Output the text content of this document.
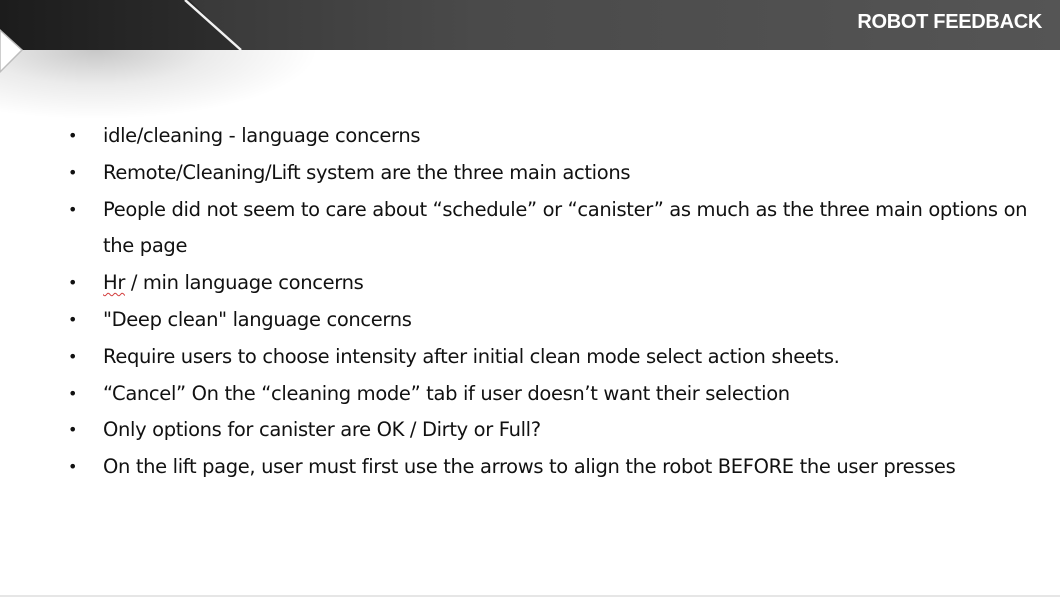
ROBOT FEEDBACK
• idle/cleaning - language concerns
• Remote/Cleaning/Lift system are the three main actions
• People did not seem to care about “schedule” or “canister” as much as the three main options on the page
• Hr / min language concerns
• "Deep clean" language concerns
• Require users to choose intensity after initial clean mode select action sheets.
• “Cancel” On the “cleaning mode” tab if user doesn’t want their selection
• Only options for canister are OK / Dirty or Full?
• On the lift page, user must first use the arrows to align the robot BEFORE the user presses
